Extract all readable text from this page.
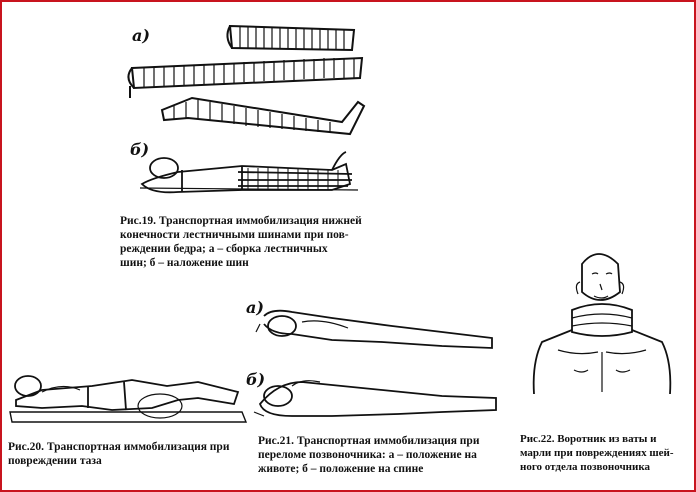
а)
б)
Рис.19. Транспортная иммобилизация нижней
конечности лестничными шинами при пов-
реждении бедра; а – сборка лестничных
шин; б – наложение шин
а)
б)
Рис.20. Транспортная иммобилизация при
повреждении таза
Рис.21. Транспортная иммобилизация при
переломе позвоночника: а – положение на
животе; б – положение на спине
Рис.22. Воротник из ваты и
марли при повреждениях шей-
ного отдела позвоночника
